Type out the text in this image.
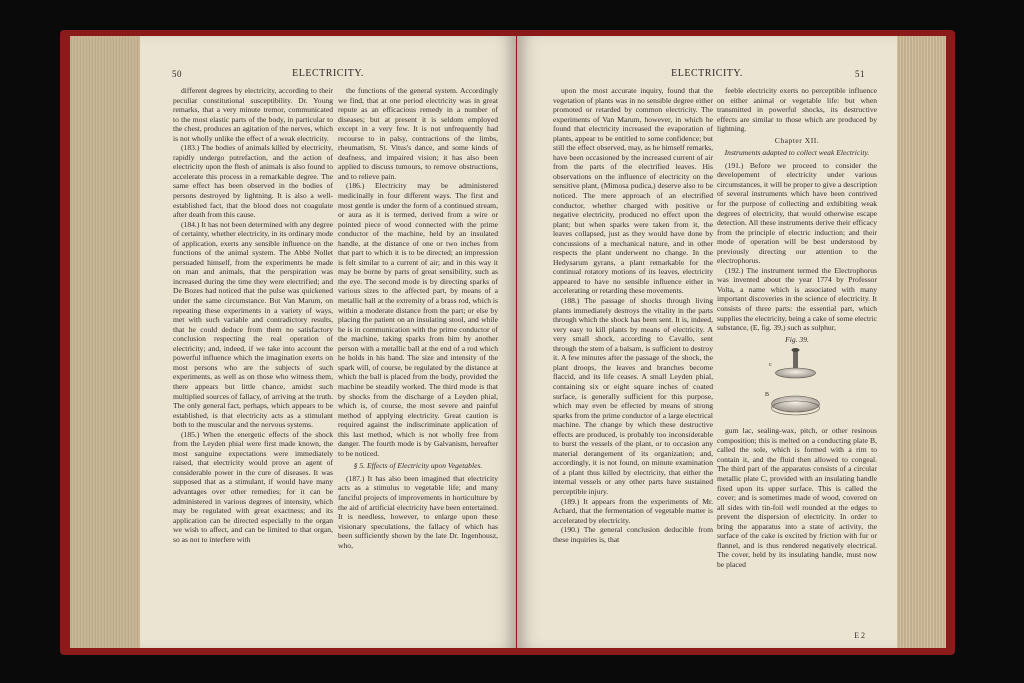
50	ELECTRICITY.

different degrees by electricity, according to their peculiar constitutional susceptibility. Dr. Young remarks, that a very minute tremor, communicated to the most elastic parts of the body, in particular to the chest, produces an agitation of the nerves, which is not wholly unlike the effect of a weak electricity.

(183.) The bodies of animals killed by electricity, rapidly undergo putrefaction, and the action of electricity upon the flesh of animals is also found to accelerate this process in a remarkable degree. The same effect has been observed in the bodies of persons destroyed by lightning. It is also a well-established fact, that the blood does not coagulate after death from this cause.

(184.) It has not been determined with any degree of certainty, whether electricity, in its ordinary mode of application, exerts any sensible influence on the functions of the animal system. The Abbé Nollet persuaded himself, from the experiments he made on man and animals, that the perspiration was increased during the time they were electrified; and De Bozes had noticed that the pulse was quickened under the same circumstance. But Van Marum, on repeating these experiments in a variety of ways, met with such variable and contradictory results, that he could deduce from them no satisfactory conclusion respecting the real operation of electricity; and, indeed, if we take into account the powerful influence which the imagination exerts on most persons who are the subjects of such experiments, as well as on those who witness them, there appears but little chance, amidst such multiplied sources of fallacy, of arriving at the truth. The only general fact, perhaps, which appears to be established, is that electricity acts as a stimulant both to the muscular and the nervous systems.

(185.) When the energetic effects of the shock from the Leyden phial were first made known, the most sanguine expectations were immediately raised, that electricity would prove an agent of considerable power in the cure of diseases. It was supposed that as a stimulant, if would have many advantages over other remedies; for it can be administered in various degrees of intensity, which may be regulated with great exactness; and its application can be directed especially to the organ we wish to affect, and can be limited to that organ, so as not to interfere with

the functions of the general system. Accordingly we find, that at one period electricity was in great repute as an efficacious remedy in a number of diseases; but at present it is seldom employed except in a very few. It is not unfrequently had recourse to in palsy, contractions of the limbs, rheumatism, St. Vitus's dance, and some kinds of deafness, and impaired vision; it has also been applied to discuss tumours, to remove obstructions, and to relieve pain.

(186.) Electricity may be administered medicinally in four different ways. The first and most gentle is under the form of a continued stream, or aura as it is termed, derived from a wire or pointed piece of wood connected with the prime conductor of the machine, held by an insulated handle, at the distance of one or two inches from that part to which it is to be directed; an impression is felt similar to a current of air; and in this way it may be borne by parts of great sensibility, such as the eye. The second mode is by directing sparks of various sizes to the affected part, by means of a metallic ball at the extremity of a brass rod, which is within a moderate distance from the part; or else by placing the patient on an insulating stool, and while he is in communication with the prime conductor of the machine, taking sparks from him by another person with a metallic ball at the end of a rod which he holds in his hand. The size and intensity of the spark will, of course, be regulated by the distance at which the ball is placed from the body, provided the machine be steadily worked. The third mode is that by shocks from the discharge of a Leyden phial, which is, of course, the most severe and painful method of applying electricity. Great caution is required against the indiscriminate application of this last method, which is not wholly free from danger. The fourth mode is by Galvanism, hereafter to be noticed.

§ 5. Effects of Electricity upon Vegetables.

(187.) It has also been imagined that electricity acts as a stimulus to vegetable life; and many fanciful projects of improvements in horticulture by the aid of artificial electricity have been entertained. It is needless, however, to enlarge upon these visionary speculations, the fallacy of which has been sufficiently shown by the late Dr. Ingenhousz, who,

ELECTRICITY.	51

upon the most accurate inquiry, found that the vegetation of plants was in no sensible degree either promoted or retarded by common electricity. The experiments of Van Marum, however, in which he found that electricity increased the evaporation of plants, appear to be entitled to some confidence; but still the effect observed, may, as he himself remarks, have been occasioned by the increased current of air from the parts of the electrified leaves. His observations on the influence of electricity on the sensitive plant, (Mimosa pudica,) deserve also to be noticed. The mere approach of an electrified conductor, whether charged with positive or negative electricity, produced no effect upon the plant; but when sparks were taken from it, the leaves collapsed, just as they would have done by concussions of a mechanical nature, and in other respects the plant underwent no change. In the Hedysarum gyrans, a plant remarkable for the continual rotatory motions of its leaves, electricity appeared to have no sensible influence either in accelerating or retarding these movements.

(188.) The passage of shocks through living plants immediately destroys the vitality in the parts through which the shock has been sent. It is, indeed, very easy to kill plants by means of electricity. A very small shock, according to Cavallo, sent through the stem of a balsam, is sufficient to destroy it. A few minutes after the passage of the shock, the plant droops, the leaves and branches become flaccid, and its life ceases. A small Leyden phial, containing six or eight square inches of coated surface, is generally sufficient for this purpose, which may even be effected by means of strong sparks from the prime conductor of a large electrical machine. The change by which these destructive effects are produced, is probably too inconsiderable to burst the vessels of the plant, or to occasion any material derangement of its organization; and, accordingly, it is not found, on minute examination of a plant thus killed by electricity, that either the internal vessels or any other parts have sustained perceptible injury.

(189.) It appears from the experiments of Mr. Achard, that the fermentation of vegetable matter is accelerated by electricity.

(190.) The general conclusion deducible from these inquiries is, that

feeble electricity exerts no perceptible influence on either animal or vegetable life: but when transmitted in powerful shocks, its destructive effects are similar to those which are produced by lightning.

Chapter XII.
Instruments adapted to collect weak Electricity.

(191.) Before we proceed to consider the developement of electricity under various circumstances, it will be proper to give a description of several instruments which have been contrived for the purpose of collecting and exhibiting weak degrees of electricity, that would otherwise escape detection. All these instruments derive their efficacy from the principle of electric induction; and their mode of operation will be best understood by previously directing our attention to the electrophorus.

(192.) The instrument termed the Electrophorus was invented about the year 1774 by Professor Volta, a name which is associated with many important discoveries in the science of electricity. It consists of three parts: the essential part, which supplies the electricity, being a cake of some electric substance, (E, fig. 39,) such as sulphur,

Fig. 39.
c
B

gum lac, sealing-wax, pitch, or other resinous composition; this is melted on a conducting plate B, called the sole, which is formed with a rim to contain it, and the fluid then allowed to congeal. The third part of the apparatus consists of a circular metallic plate C, provided with an insulating handle fixed upon its upper surface. This is called the cover; and is sometimes made of wood, covered on all sides with tin-foil well rounded at the edges to prevent the dispersion of electricity. In order to bring the apparatus into a state of activity, the surface of the cake is excited by friction with fur or flannel, and is thus rendered negatively electrical. The cover, held by its insulating handle, must now be placed

E 2
